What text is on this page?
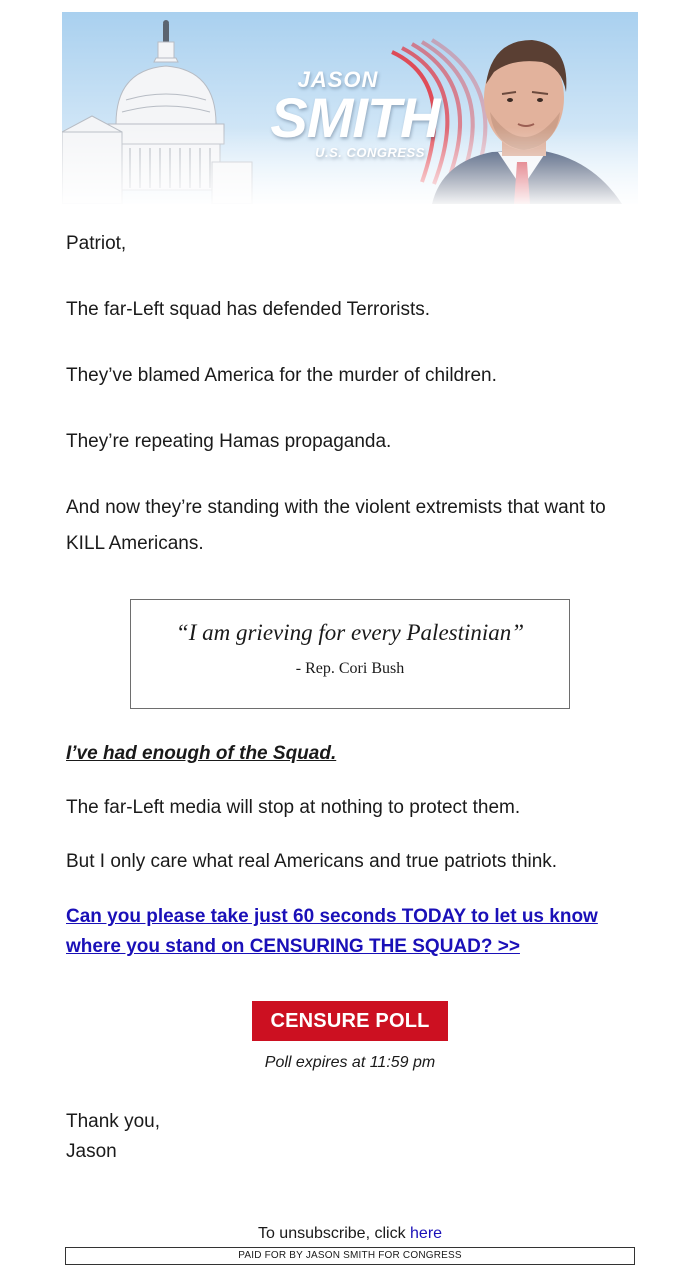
JASON
SMITH
U.S. CONGRESS

Patriot,

The far-Left squad has defended Terrorists.

They’ve blamed America for the murder of children.

They’re repeating Hamas propaganda.

And now they’re standing with the violent extremists that want to KILL Americans.

“I am grieving for every Palestinian”
- Rep. Cori Bush

I’ve had enough of the Squad.

The far-Left media will stop at nothing to protect them.

But I only care what real Americans and true patriots think.

Can you please take just 60 seconds TODAY to let us know where you stand on CENSURING THE SQUAD? >>
CENSURE POLL
Poll expires at 11:59 pm
Thank you,
Jason
To unsubscribe, click here
PAID FOR BY JASON SMITH FOR CONGRESS
